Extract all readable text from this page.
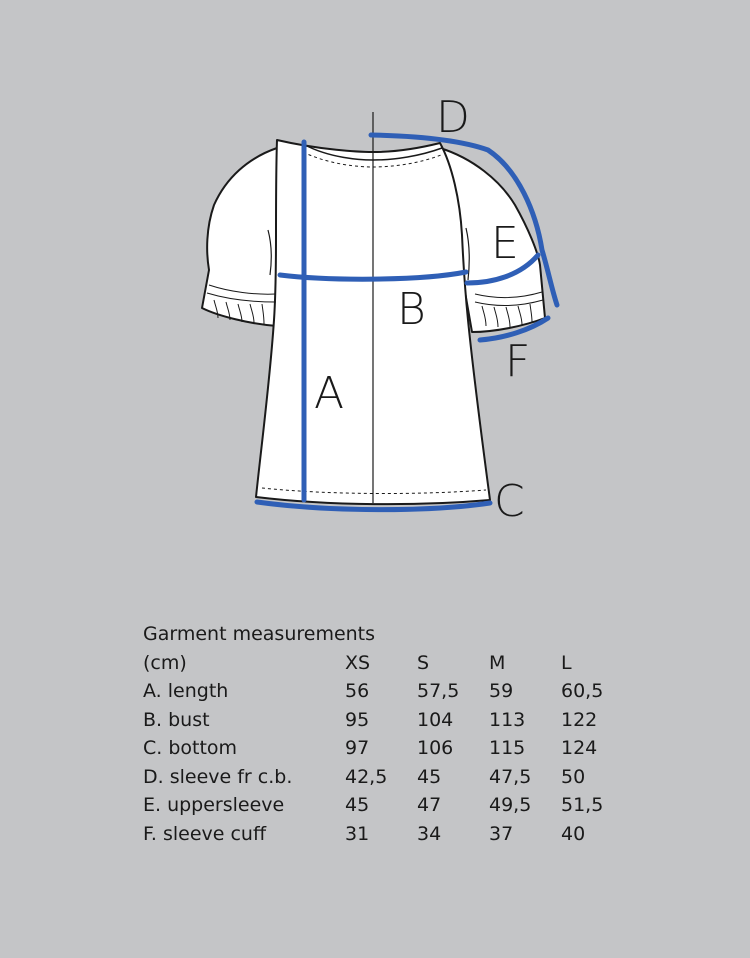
A
B
C
D
E
F
Garment measurements
(cm)	XS	S	M	L
A. length	56	57,5	59	60,5
B. bust	95	104	113	122
C. bottom	97	106	115	124
D. sleeve fr c.b.	42,5	45	47,5	50
E. uppersleeve	45	47	49,5	51,5
F. sleeve cuff	31	34	37	40
